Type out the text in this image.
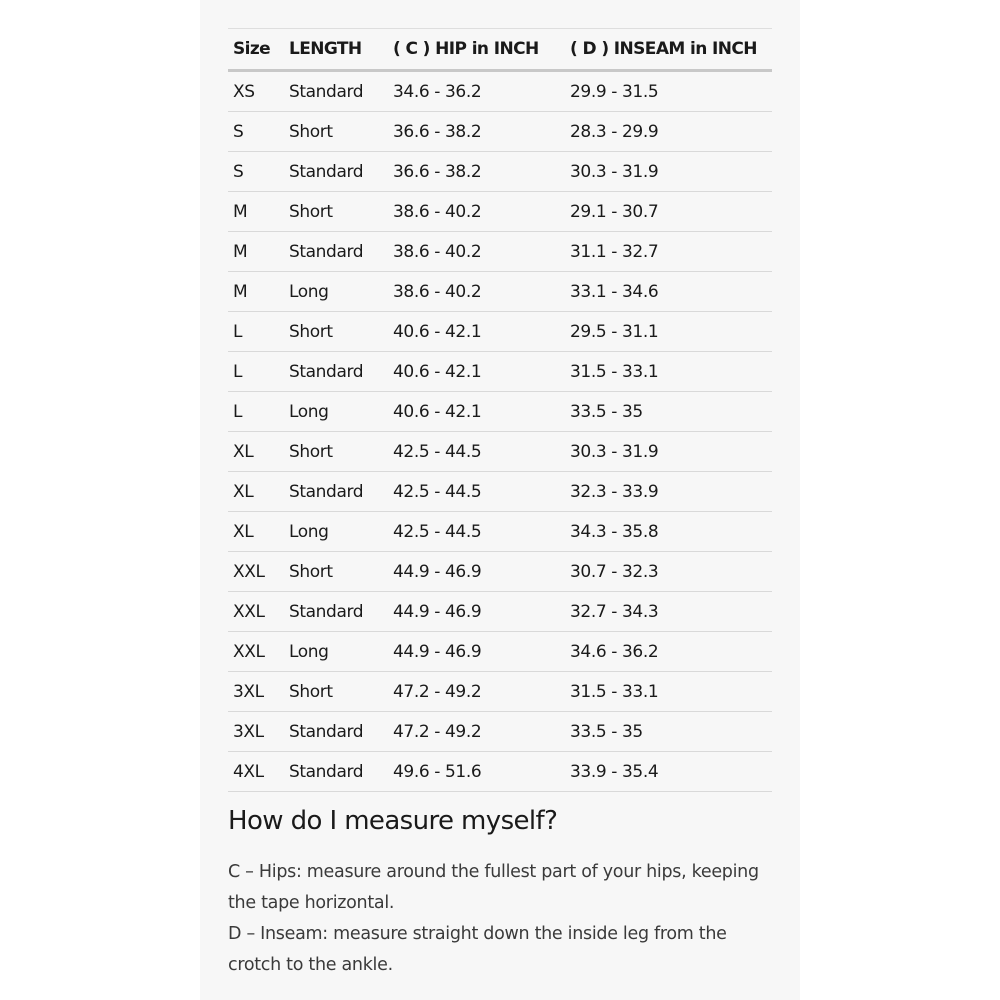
Size	LENGTH	( C ) HIP in INCH	( D ) INSEAM in INCH
XS	Standard	34.6 - 36.2	29.9 - 31.5
S	Short	36.6 - 38.2	28.3 - 29.9
S	Standard	36.6 - 38.2	30.3 - 31.9
M	Short	38.6 - 40.2	29.1 - 30.7
M	Standard	38.6 - 40.2	31.1 - 32.7
M	Long	38.6 - 40.2	33.1 - 34.6
L	Short	40.6 - 42.1	29.5 - 31.1
L	Standard	40.6 - 42.1	31.5 - 33.1
L	Long	40.6 - 42.1	33.5 - 35
XL	Short	42.5 - 44.5	30.3 - 31.9
XL	Standard	42.5 - 44.5	32.3 - 33.9
XL	Long	42.5 - 44.5	34.3 - 35.8
XXL	Short	44.9 - 46.9	30.7 - 32.3
XXL	Standard	44.9 - 46.9	32.7 - 34.3
XXL	Long	44.9 - 46.9	34.6 - 36.2
3XL	Short	47.2 - 49.2	31.5 - 33.1
3XL	Standard	47.2 - 49.2	33.5 - 35
4XL	Standard	49.6 - 51.6	33.9 - 35.4
How do I measure myself?

C – Hips: measure around the fullest part of your hips, keeping the tape horizontal.

D – Inseam: measure straight down the inside leg from the crotch to the ankle.
